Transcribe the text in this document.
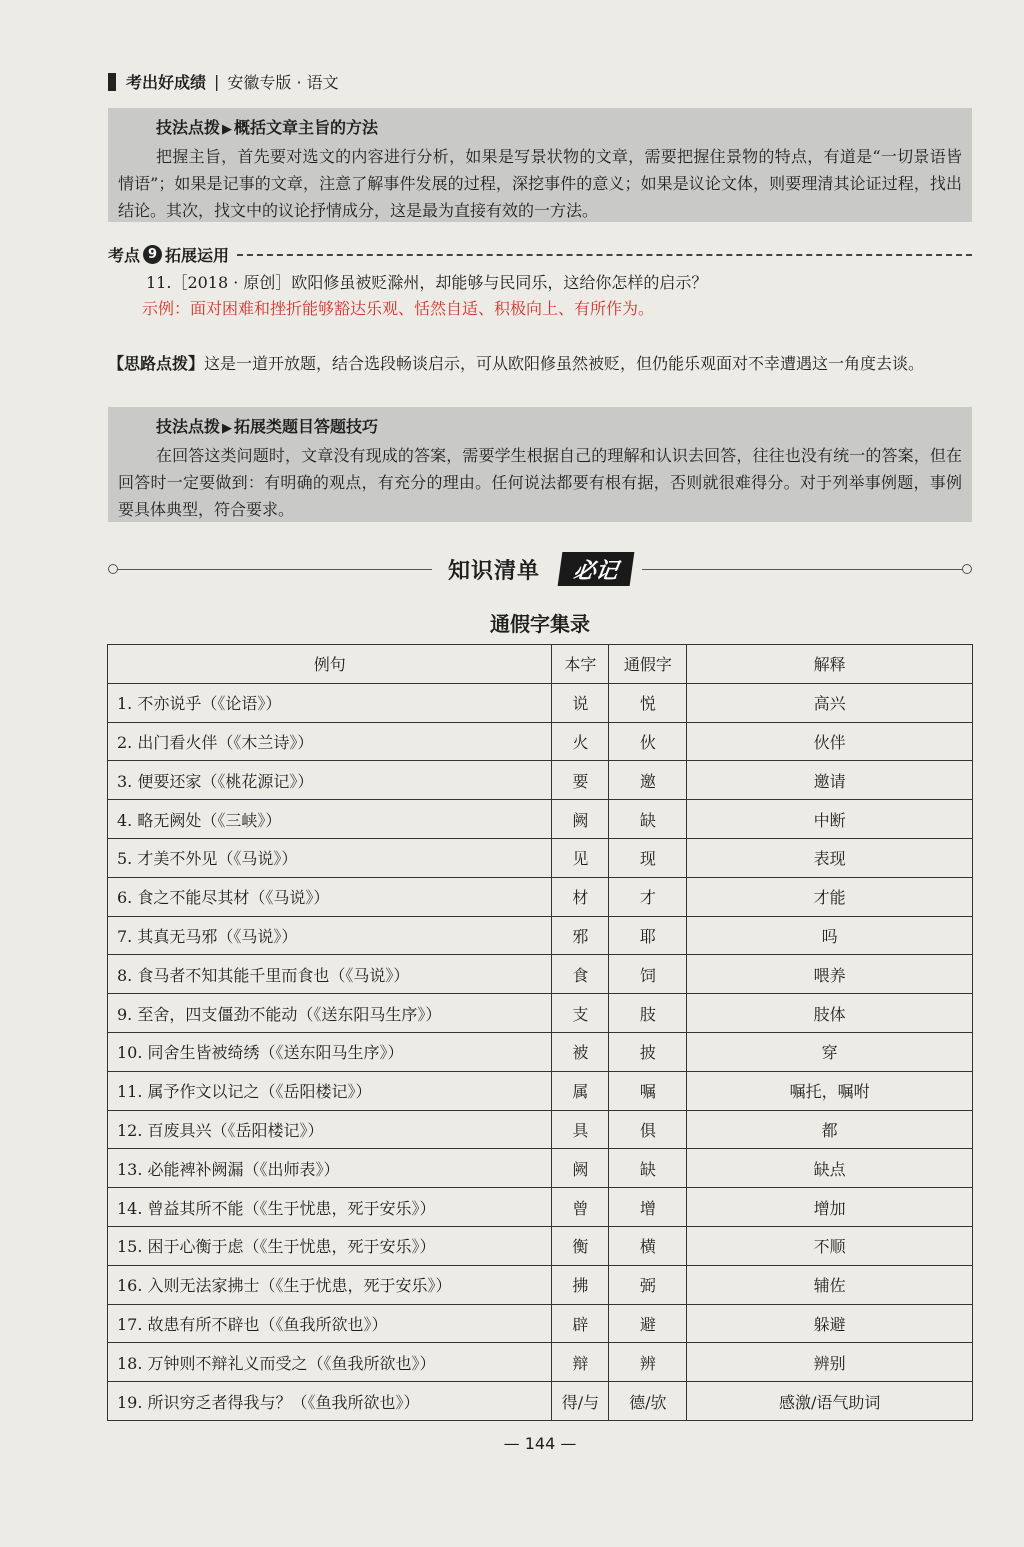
考出好成绩 | 安徽专版 · 语文
技法点拨 ▶ 概括文章主旨的方法

把握主旨，首先要对选文的内容进行分析，如果是写景状物的文章，需要把握住景物的特点，有道是“一切景语皆情语”；如果是记事的文章，注意了解事件发展的过程，深挖事件的意义；如果是议论文体，则要理清其论证过程，找出结论。其次，找文中的议论抒情成分，这是最为直接有效的一方法。

考点 9 拓展运用
11.［2018 · 原创］欧阳修虽被贬滁州，却能够与民同乐，这给你怎样的启示？
示例：面对困难和挫折能够豁达乐观、恬然自适、积极向上、有所作为。
【思路点拨】这是一道开放题，结合选段畅谈启示，可从欧阳修虽然被贬，但仍能乐观面对不幸遭遇这一角度去谈。
技法点拨 ▶ 拓展类题目答题技巧

在回答这类问题时，文章没有现成的答案，需要学生根据自己的理解和认识去回答，往往也没有统一的答案，但在回答时一定要做到：有明确的观点，有充分的理由。任何说法都要有根有据，否则就很难得分。对于列举事例题，事例要具体典型，符合要求。

知识清单	必记
通假字集录
例句	本字	通假字	解释
1. 不亦说乎（《论语》）	说	悦	高兴
2. 出门看火伴（《木兰诗》）	火	伙	伙伴
3. 便要还家（《桃花源记》）	要	邀	邀请
4. 略无阙处（《三峡》）	阙	缺	中断
5. 才美不外见（《马说》）	见	现	表现
6. 食之不能尽其材（《马说》）	材	才	才能
7. 其真无马邪（《马说》）	邪	耶	吗
8. 食马者不知其能千里而食也（《马说》）	食	饲	喂养
9. 至舍，四支僵劲不能动（《送东阳马生序》）	支	肢	肢体
10. 同舍生皆被绮绣（《送东阳马生序》）	被	披	穿
11. 属予作文以记之（《岳阳楼记》）	属	嘱	嘱托，嘱咐
12. 百废具兴（《岳阳楼记》）	具	俱	都
13. 必能裨补阙漏（《出师表》）	阙	缺	缺点
14. 曾益其所不能（《生于忧患，死于安乐》）	曾	增	增加
15. 困于心衡于虑（《生于忧患，死于安乐》）	衡	横	不顺
16. 入则无法家拂士（《生于忧患，死于安乐》）	拂	弼	辅佐
17. 故患有所不辟也（《鱼我所欲也》）	辟	避	躲避
18. 万钟则不辩礼义而受之（《鱼我所欲也》）	辩	辨	辨别
19. 所识穷乏者得我与？（《鱼我所欲也》）	得/与	德/欤	感激/语气助词
— 144 —
